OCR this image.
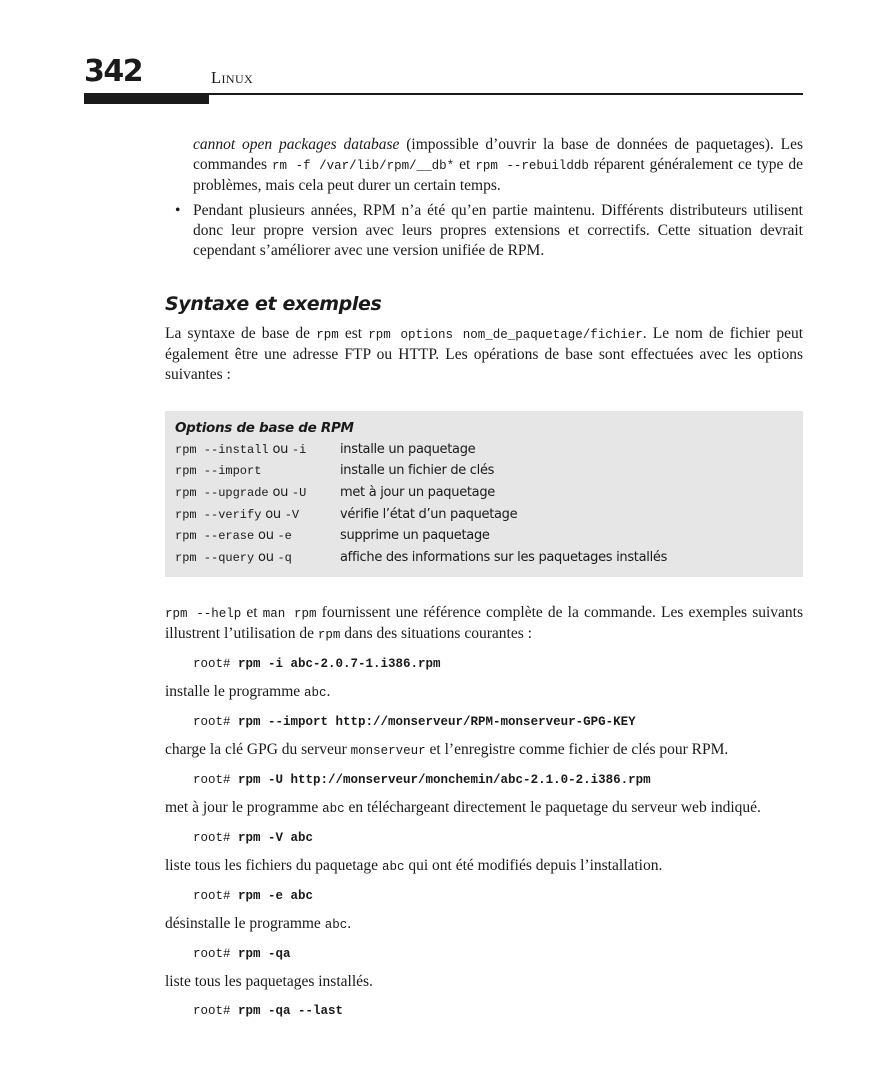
342	Linux

cannot open packages database (impossible d’ouvrir la base de données de paquetages). Les commandes rm -f /var/lib/rpm/__db* et rpm --rebuilddb réparent généralement ce type de problèmes, mais cela peut durer un certain temps.

• Pendant plusieurs années, RPM n’a été qu’en partie maintenu. Différents distributeurs utilisent donc leur propre version avec leurs propres extensions et correctifs. Cette situation devrait cependant s’améliorer avec une version unifiée de RPM.

Syntaxe et exemples

La syntaxe de base de rpm est rpm options nom_de_paquetage/fichier. Le nom de fichier peut également être une adresse FTP ou HTTP. Les opérations de base sont effectuées avec les options suivantes :

Options de base de RPM
rpm --install ou -i	installe un paquetage
rpm --import	installe un fichier de clés
rpm --upgrade ou -U	met à jour un paquetage
rpm --verify ou -V	vérifie l’état d’un paquetage
rpm --erase ou -e	supprime un paquetage
rpm --query ou -q	affiche des informations sur les paquetages installés

rpm --help et man rpm fournissent une référence complète de la commande. Les exemples suivants illustrent l’utilisation de rpm dans des situations courantes :

root# rpm -i abc-2.0.7-1.i386.rpm

installe le programme abc.

root# rpm --import http://monserveur/RPM-monserveur-GPG-KEY

charge la clé GPG du serveur monserveur et l’enregistre comme fichier de clés pour RPM.

root# rpm -U http://monserveur/monchemin/abc-2.1.0-2.i386.rpm

met à jour le programme abc en téléchargeant directement le paquetage du serveur web indiqué.

root# rpm -V abc

liste tous les fichiers du paquetage abc qui ont été modifiés depuis l’installation.

root# rpm -e abc

désinstalle le programme abc.

root# rpm -qa

liste tous les paquetages installés.

root# rpm -qa --last
